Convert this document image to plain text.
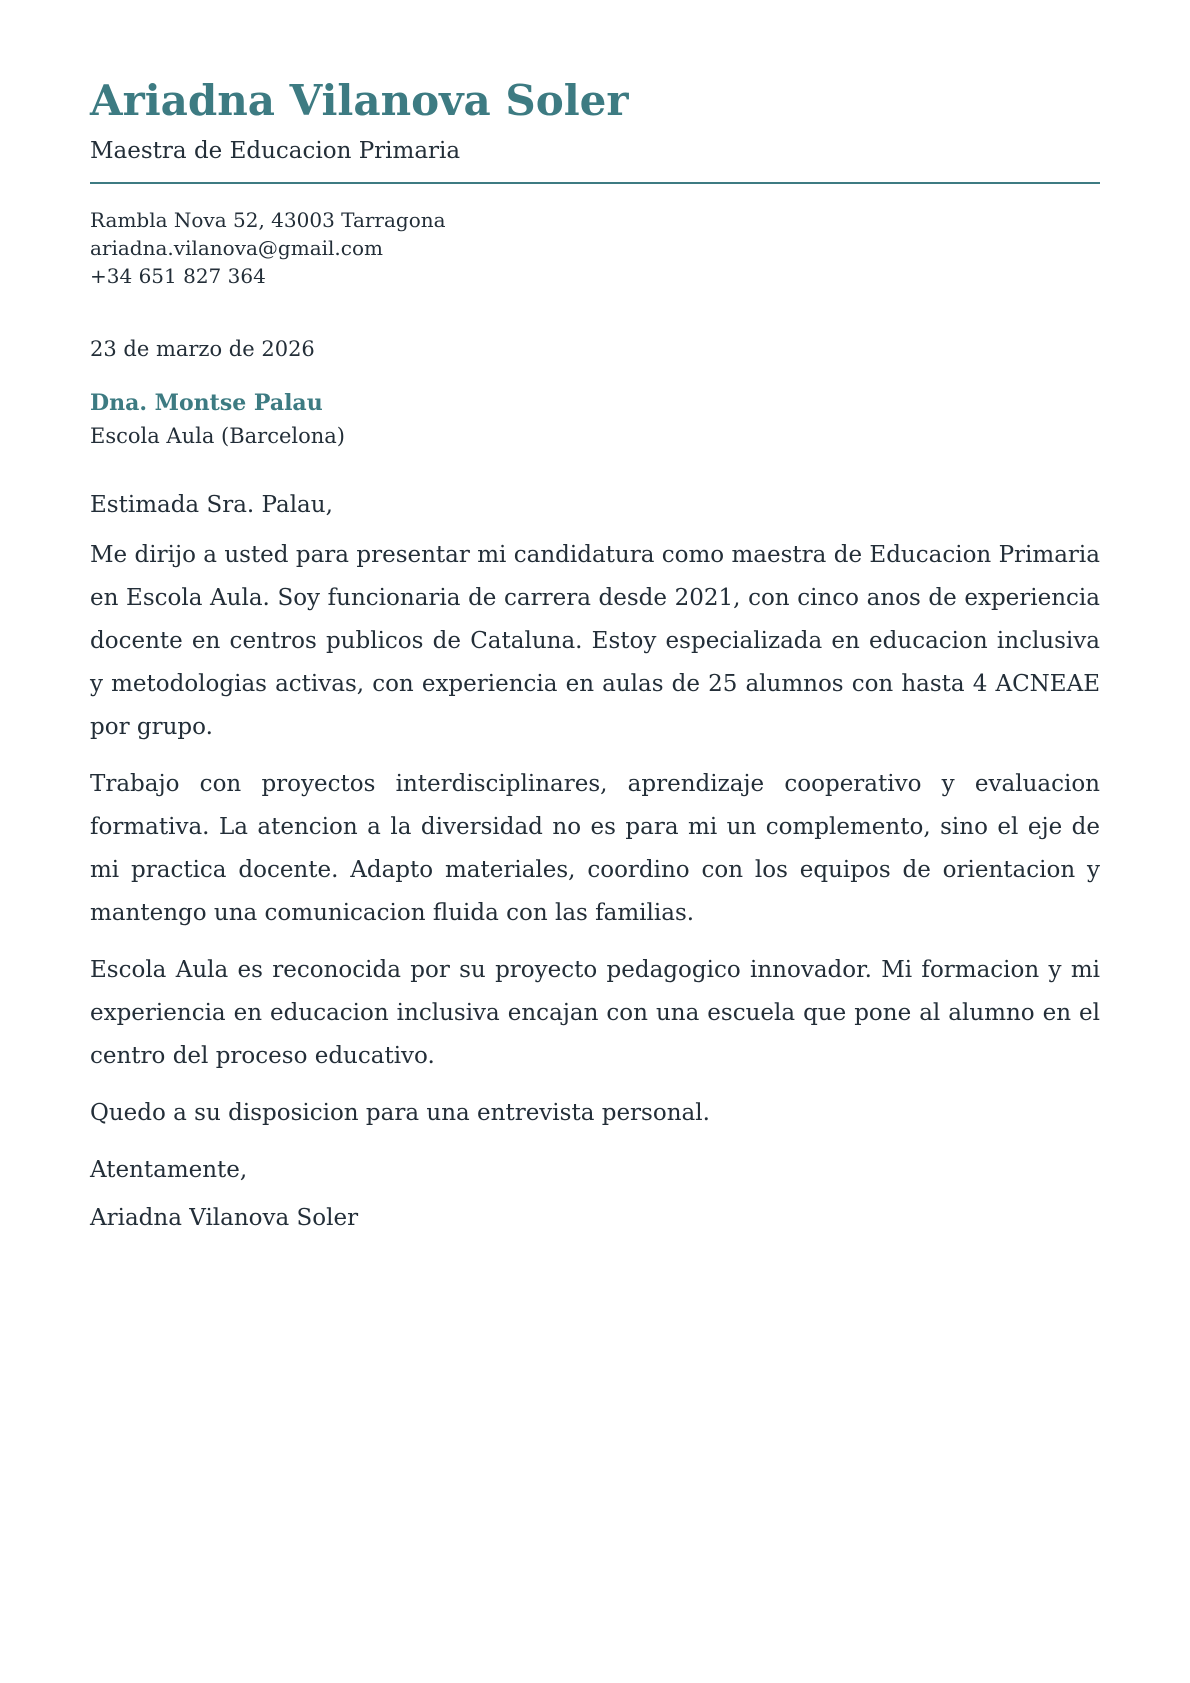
Ariadna Vilanova Soler
Maestra de Educacion Primaria
Rambla Nova 52, 43003 Tarragona
ariadna.vilanova@gmail.com
+34 651 827 364
23 de marzo de 2026
Dna. Montse Palau
Escola Aula (Barcelona)
Estimada Sra. Palau,

Me dirijo a usted para presentar mi candidatura como maestra de Educacion Primaria en Escola Aula. Soy funcionaria de carrera desde 2021, con cinco anos de experiencia docente en centros publicos de Cataluna. Estoy especializada en educacion inclusiva y metodologias activas, con experiencia en aulas de 25 alumnos con hasta 4 ACNEAE por grupo.

Trabajo con proyectos interdisciplinares, aprendizaje cooperativo y evaluacion formativa. La atencion a la diversidad no es para mi un complemento, sino el eje de mi practica docente. Adapto materiales, coordino con los equipos de orientacion y mantengo una comunicacion fluida con las familias.

Escola Aula es reconocida por su proyecto pedagogico innovador. Mi formacion y mi experiencia en educacion inclusiva encajan con una escuela que pone al alumno en el centro del proceso educativo.

Quedo a su disposicion para una entrevista personal.

Atentamente,
Ariadna Vilanova Soler
